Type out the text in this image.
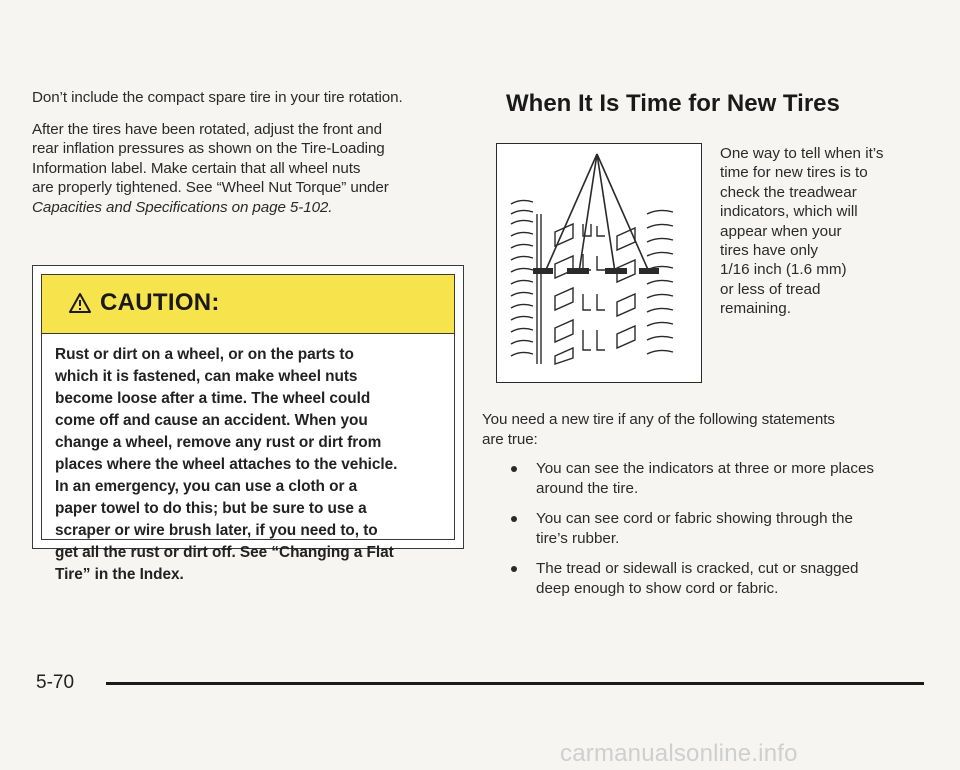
Don’t include the compact spare tire in your tire rotation.

After the tires have been rotated, adjust the front and
rear inflation pressures as shown on the Tire-Loading
Information label. Make certain that all wheel nuts
are properly tightened. See “Wheel Nut Torque” under
Capacities and Specifications on page 5-102.

CAUTION:
Rust or dirt on a wheel, or on the parts to
which it is fastened, can make wheel nuts
become loose after a time. The wheel could
come off and cause an accident. When you
change a wheel, remove any rust or dirt from
places where the wheel attaches to the vehicle.
In an emergency, you can use a cloth or a
paper towel to do this; but be sure to use a
scraper or wire brush later, if you need to, to
get all the rust or dirt off. See “Changing a Flat
Tire” in the Index.
When It Is Time for New Tires
One way to tell when it’s
time for new tires is to
check the treadwear
indicators, which will
appear when your
tires have only
1/16 inch (1.6 mm)
or less of tread
remaining.

You need a new tire if any of the following statements
are true:

You can see the indicators at three or more places
around the tire.
You can see cord or fabric showing through the
tire’s rubber.
The tread or sidewall is cracked, cut or snagged
deep enough to show cord or fabric.
5-70
carmanualsonline.info
